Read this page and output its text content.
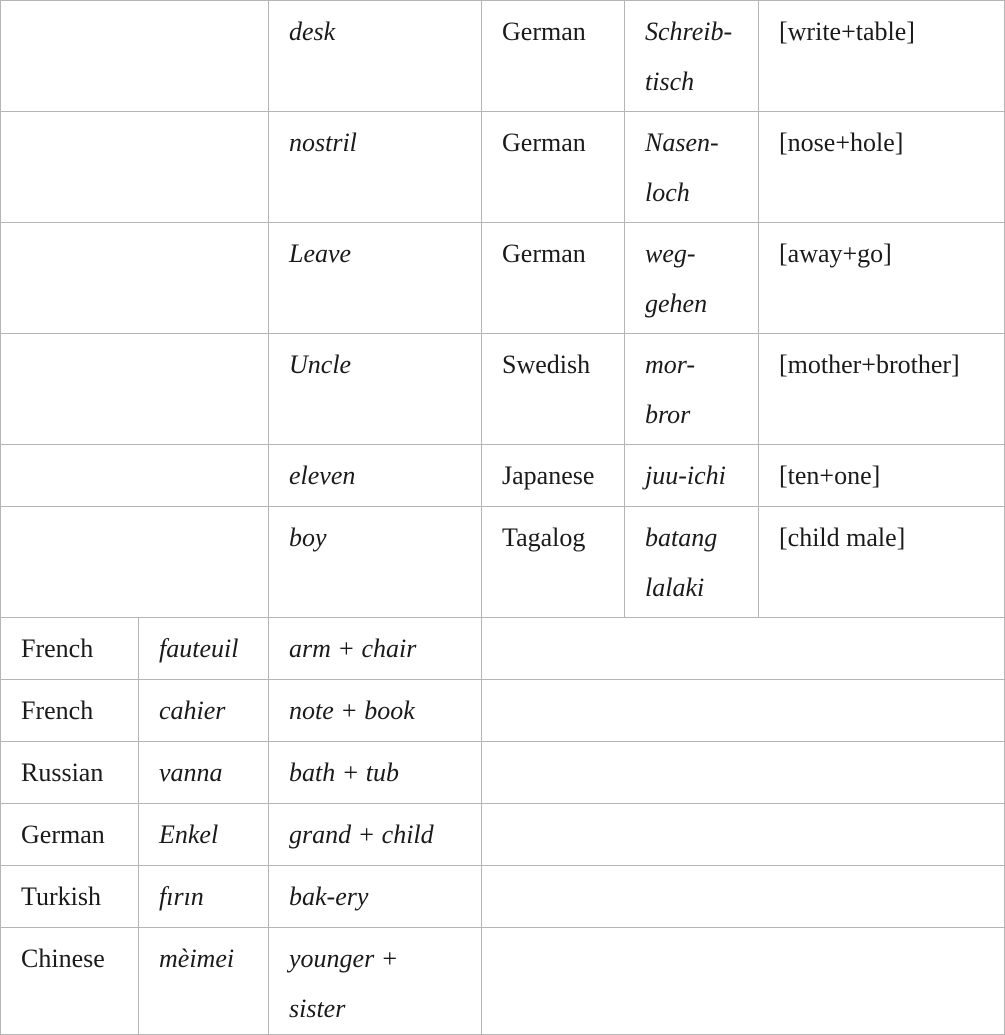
		desk	German	Schreib-
tisch	[write+table]
		nostril	German	Nasen-
loch	[nose+hole]
		Leave	German	weg-
gehen	[away+go]
		Uncle	Swedish	mor-
bror	[mother+brother]
		eleven	Japanese	juu-ichi	[ten+one]
		boy	Tagalog	batang
lalaki	[child male]
French	fauteuil	arm + chair			
French	cahier	note + book			
Russian	vanna	bath + tub			
German	Enkel	grand + child			
Turkish	fırın	bak-ery			
Chinese	mèimei	younger + sister			
